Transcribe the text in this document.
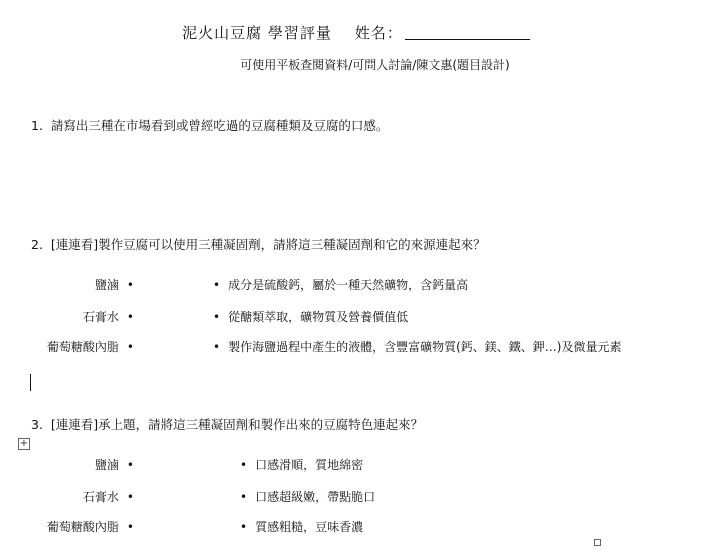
泥火山豆腐 學習評量 姓名：
可使用平板查閱資料/可問人討論/陳文惠(題目設計)
1. 請寫出三種在市場看到或曾經吃過的豆腐種類及豆腐的口感。
2. [連連看]製作豆腐可以使用三種凝固劑，請將這三種凝固劑和它的來源連起來？
鹽滷 •
石膏水 •
葡萄糖酸內脂 •
• 成分是硫酸鈣，屬於一種天然礦物，含鈣量高
• 從醣類萃取，礦物質及營養價值低
• 製作海鹽過程中產生的液體，含豐富礦物質(鈣、鎂、鐵、鉀…)及微量元素
3. [連連看]承上題，請將這三種凝固劑和製作出來的豆腐特色連起來？
+
鹽滷 •
石膏水 •
葡萄糖酸內脂 •
• 口感滑順，質地綿密
• 口感超級嫩，帶點脆口
• 質感粗糙，豆味香濃
